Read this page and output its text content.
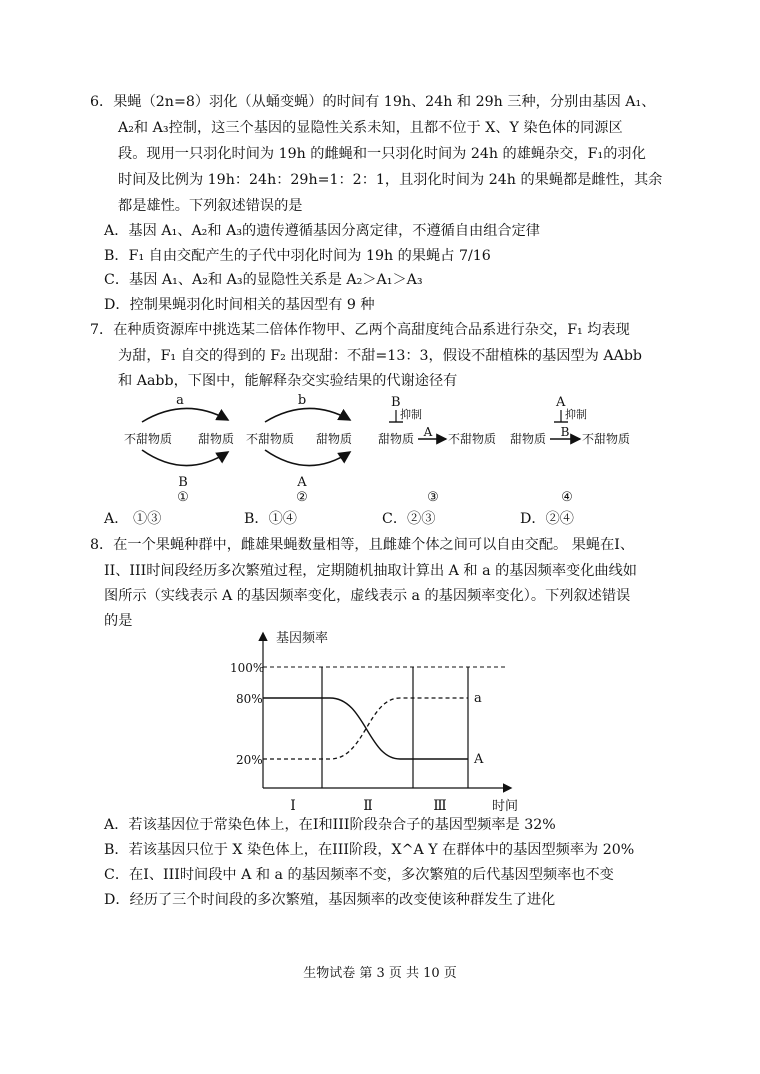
6．果蝇（2n=8）羽化（从蛹变蝇）的时间有 19h、24h 和 29h 三种，分别由基因 A₁、
A₂和 A₃控制，这三个基因的显隐性关系未知，且都不位于 X、Y 染色体的同源区
段。现用一只羽化时间为 19h 的雌蝇和一只羽化时间为 24h 的雄蝇杂交，F₁的羽化
时间及比例为 19h：24h：29h=1：2：1，且羽化时间为 24h 的果蝇都是雌性，其余
都是雄性。下列叙述错误的是
A．基因 A₁、A₂和 A₃的遗传遵循基因分离定律，不遵循自由组合定律
B．F₁ 自由交配产生的子代中羽化时间为 19h 的果蝇占 7/16
C．基因 A₁、A₂和 A₃的显隐性关系是 A₂＞A₁＞A₃
D．控制果蝇羽化时间相关的基因型有 9 种
7．在种质资源库中挑选某二倍体作物甲、乙两个高甜度纯合品系进行杂交，F₁ 均表现
为甜，F₁ 自交的得到的 F₂ 出现甜：不甜=13：3，假设不甜植株的基因型为 AAbb
和 Aabb，下图中，能解释杂交实验结果的代谢途径有
a
不甜物质 甜物质
B
①
b
不甜物质 甜物质
A
②
B
抑制
甜物质 A 不甜物质
③
A
抑制
甜物质 B 不甜物质
④
A． ①③	B．①④	C．②③	D．②④
8．在一个果蝇种群中，雌雄果蝇数量相等，且雌雄个体之间可以自由交配。 果蝇在I、
II、III时间段经历多次繁殖过程，定期随机抽取计算出 A 和 a 的基因频率变化曲线如
图所示（实线表示 A 的基因频率变化，虚线表示 a 的基因频率变化）。下列叙述错误
的是
基因频率
时间
100%
80%
20%
a
A
Ⅰ	Ⅱ	Ⅲ
A．若该基因位于常染色体上，在I和III阶段杂合子的基因型频率是 32%
B．若该基因只位于 X 染色体上，在III阶段，X^A Y 在群体中的基因型频率为 20%
C．在I、III时间段中 A 和 a 的基因频率不变，多次繁殖的后代基因型频率也不变
D．经历了三个时间段的多次繁殖，基因频率的改变使该种群发生了进化
生物试卷 第 3 页 共 10 页
